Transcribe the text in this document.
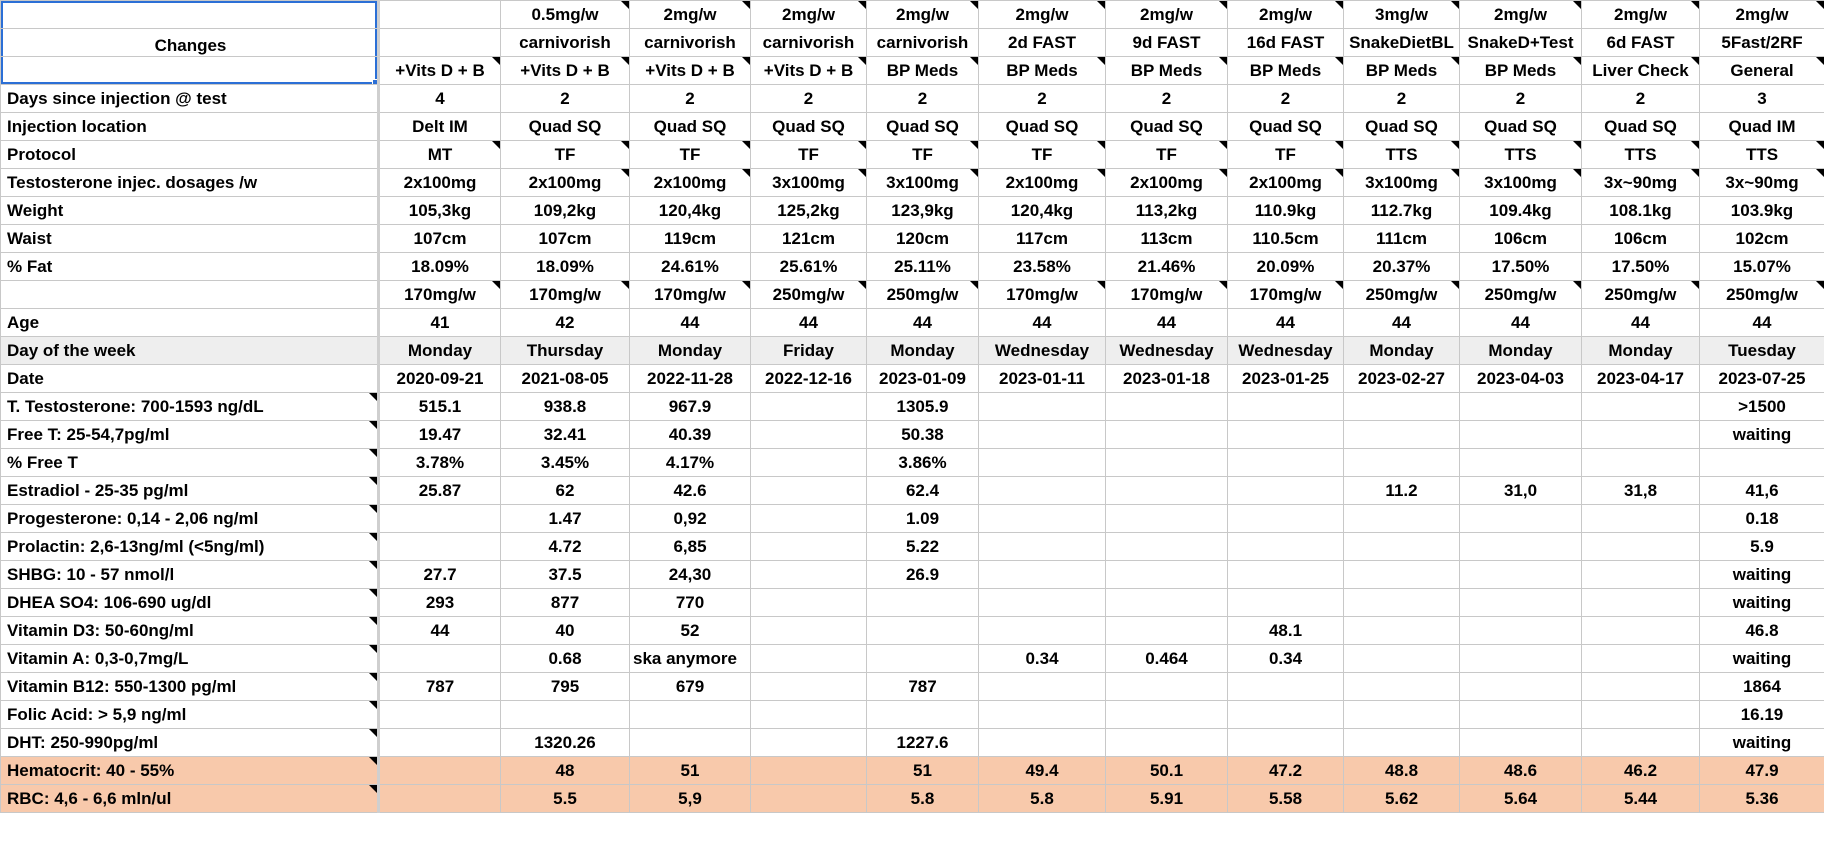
		0.5mg/w	2mg/w	2mg/w	2mg/w	2mg/w	2mg/w	2mg/w	3mg/w	2mg/w	2mg/w	2mg/w
Changes		carnivorish	carnivorish	carnivorish	carnivorish	2d FAST	9d FAST	16d FAST	SnakeDietBL	SnakeD+Test	6d FAST	5Fast/2RF
	+Vits D + B	+Vits D + B	+Vits D + B	+Vits D + B	BP Meds	BP Meds	BP Meds	BP Meds	BP Meds	BP Meds	Liver Check	General
Days since injection @ test	4	2	2	2	2	2	2	2	2	2	2	3
Injection location	Delt IM	Quad SQ	Quad SQ	Quad SQ	Quad SQ	Quad SQ	Quad SQ	Quad SQ	Quad SQ	Quad SQ	Quad SQ	Quad IM
Protocol	MT	TF	TF	TF	TF	TF	TF	TF	TTS	TTS	TTS	TTS
Testosterone injec. dosages /w	2x100mg	2x100mg	2x100mg	3x100mg	3x100mg	2x100mg	2x100mg	2x100mg	3x100mg	3x100mg	3x~90mg	3x~90mg
Weight	105,3kg	109,2kg	120,4kg	125,2kg	123,9kg	120,4kg	113,2kg	110.9kg	112.7kg	109.4kg	108.1kg	103.9kg
Waist	107cm	107cm	119cm	121cm	120cm	117cm	113cm	110.5cm	111cm	106cm	106cm	102cm
% Fat	18.09%	18.09%	24.61%	25.61%	25.11%	23.58%	21.46%	20.09%	20.37%	17.50%	17.50%	15.07%
	170mg/w	170mg/w	170mg/w	250mg/w	250mg/w	170mg/w	170mg/w	170mg/w	250mg/w	250mg/w	250mg/w	250mg/w
Age	41	42	44	44	44	44	44	44	44	44	44	44
Day of the week	Monday	Thursday	Monday	Friday	Monday	Wednesday	Wednesday	Wednesday	Monday	Monday	Monday	Tuesday
Date	2020-09-21	2021-08-05	2022-11-28	2022-12-16	2023-01-09	2023-01-11	2023-01-18	2023-01-25	2023-02-27	2023-04-03	2023-04-17	2023-07-25
T. Testosterone: 700-1593 ng/dL	515.1	938.8	967.9		1305.9							>1500
Free T: 25-54,7pg/ml	19.47	32.41	40.39		50.38							waiting
% Free T	3.78%	3.45%	4.17%		3.86%							
Estradiol - 25-35 pg/ml	25.87	62	42.6		62.4				11.2	31,0	31,8	41,6
Progesterone: 0,14 - 2,06 ng/ml		1.47	0,92		1.09							0.18
Prolactin: 2,6-13ng/ml (<5ng/ml)		4.72	6,85		5.22							5.9
SHBG: 10 - 57 nmol/l	27.7	37.5	24,30		26.9							waiting
DHEA SO4: 106-690 ug/dl	293	877	770									waiting
Vitamin D3: 50-60ng/ml	44	40	52					48.1				46.8
Vitamin A: 0,3-0,7mg/L		0.68	ska anymore			0.34	0.464	0.34				waiting
Vitamin B12: 550-1300 pg/ml	787	795	679		787							1864
Folic Acid: > 5,9 ng/ml												16.19
DHT: 250-990pg/ml		1320.26			1227.6							waiting
Hematocrit: 40 - 55%		48	51		51	49.4	50.1	47.2	48.8	48.6	46.2	47.9
RBC: 4,6 - 6,6 mln/ul		5.5	5,9		5.8	5.8	5.91	5.58	5.62	5.64	5.44	5.36
